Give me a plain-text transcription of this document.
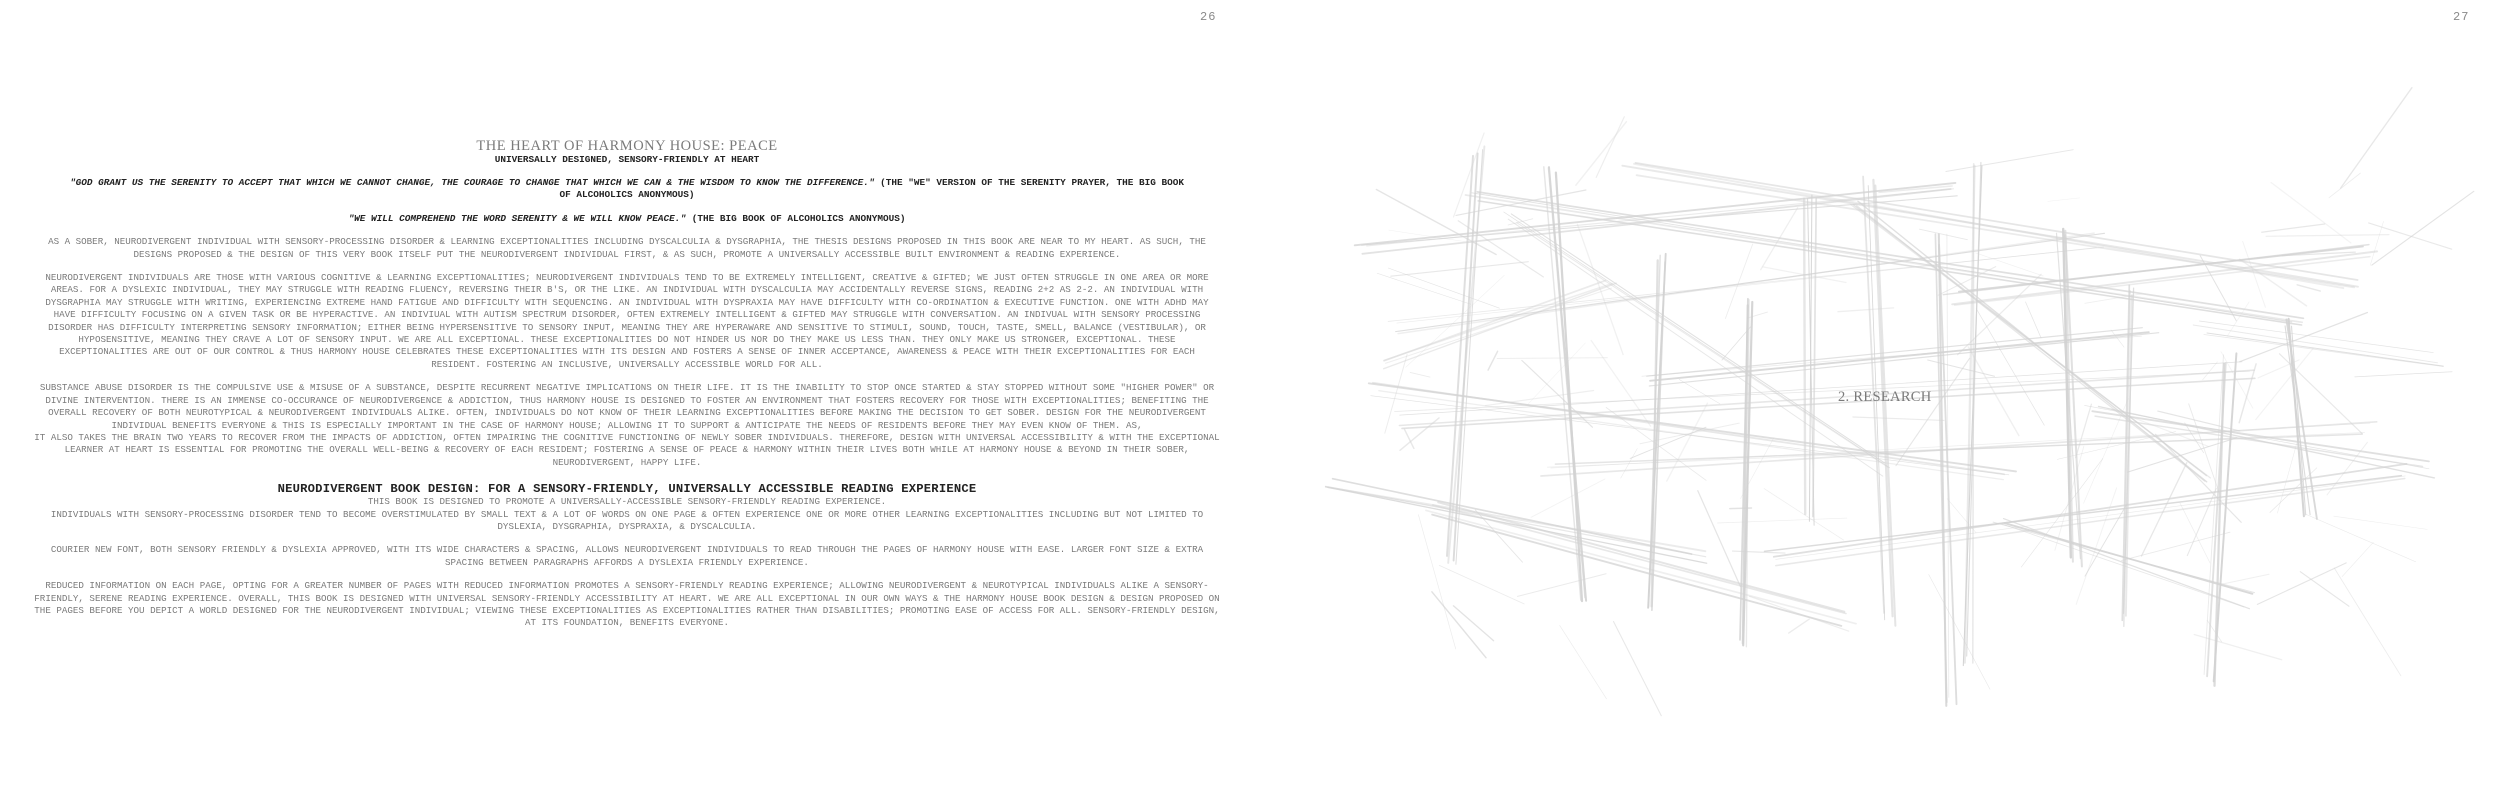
26	27

THE HEART OF HARMONY HOUSE: PEACE

UNIVERSALLY DESIGNED, SENSORY-FRIENDLY AT HEART

"GOD GRANT US THE SERENITY TO ACCEPT THAT WHICH WE CANNOT CHANGE, THE COURAGE TO CHANGE THAT WHICH WE CAN & THE WISDOM TO KNOW THE DIFFERENCE." (THE "WE" VERSION OF THE SERENITY PRAYER, THE BIG BOOK OF ALCOHOLICS ANONYMOUS)

"WE WILL COMPREHEND THE WORD SERENITY & WE WILL KNOW PEACE." (THE BIG BOOK OF ALCOHOLICS ANONYMOUS)

AS A SOBER, NEURODIVERGENT INDIVIDUAL WITH SENSORY-PROCESSING DISORDER & LEARNING EXCEPTIONALITIES INCLUDING DYSCALCULIA & DYSGRAPHIA, THE THESIS DESIGNS PROPOSED IN THIS BOOK ARE NEAR TO MY HEART. AS SUCH, THE DESIGNS PROPOSED & THE DESIGN OF THIS VERY BOOK ITSELF PUT THE NEURODIVERGENT INDIVIDUAL FIRST, & AS SUCH, PROMOTE A UNIVERSALLY ACCESSIBLE BUILT ENVIRONMENT & READING EXPERIENCE.

NEURODIVERGENT INDIVIDUALS ARE THOSE WITH VARIOUS COGNITIVE & LEARNING EXCEPTIONALITIES; NEURODIVERGENT INDIVIDUALS TEND TO BE EXTREMELY INTELLIGENT, CREATIVE & GIFTED; WE JUST OFTEN STRUGGLE IN ONE AREA OR MORE AREAS. FOR A DYSLEXIC INDIVIDUAL, THEY MAY STRUGGLE WITH READING FLUENCY, REVERSING THEIR B'S, OR THE LIKE. AN INDIVIDUAL WITH DYSCALCULIA MAY ACCIDENTALLY REVERSE SIGNS, READING 2+2 AS 2-2. AN INDIVIDUAL WITH DYSGRAPHIA MAY STRUGGLE WITH WRITING, EXPERIENCING EXTREME HAND FATIGUE AND DIFFICULTY WITH SEQUENCING. AN INDIVIDUAL WITH DYSPRAXIA MAY HAVE DIFFICULTY WITH CO-ORDINATION & EXECUTIVE FUNCTION. ONE WITH ADHD MAY HAVE DIFFICULTY FOCUSING ON A GIVEN TASK OR BE HYPERACTIVE. AN INDIVIUAL WITH AUTISM SPECTRUM DISORDER, OFTEN EXTREMELY INTELLIGENT & GIFTED MAY STRUGGLE WITH CONVERSATION. AN INDIVUAL WITH SENSORY PROCESSING DISORDER HAS DIFFICULTY INTERPRETING SENSORY INFORMATION; EITHER BEING HYPERSENSITIVE TO SENSORY INPUT, MEANING THEY ARE HYPERAWARE AND SENSITIVE TO STIMULI, SOUND, TOUCH, TASTE, SMELL, BALANCE (VESTIBULAR), OR HYPOSENSITIVE, MEANING THEY CRAVE A LOT OF SENSORY INPUT. WE ARE ALL EXCEPTIONAL. THESE EXCEPTIONALITIES DO NOT HINDER US NOR DO THEY MAKE US LESS THAN. THEY ONLY MAKE US STRONGER, EXCEPTIONAL. THESE EXCEPTIONALITIES ARE OUT OF OUR CONTROL & THUS HARMONY HOUSE CELEBRATES THESE EXCEPTIONALITIES WITH ITS DESIGN AND FOSTERS A SENSE OF INNER ACCEPTANCE, AWARENESS & PEACE WITH THEIR EXCEPTIONALITIES FOR EACH RESIDENT. FOSTERING AN INCLUSIVE, UNIVERSALLY ACCESSIBLE WORLD FOR ALL.

SUBSTANCE ABUSE DISORDER IS THE COMPULSIVE USE & MISUSE OF A SUBSTANCE, DESPITE RECURRENT NEGATIVE IMPLICATIONS ON THEIR LIFE. IT IS THE INABILITY TO STOP ONCE STARTED & STAY STOPPED WITHOUT SOME "HIGHER POWER" OR DIVINE INTERVENTION. THERE IS AN IMMENSE CO-OCCURANCE OF NEURODIVERGENCE & ADDICTION, THUS HARMONY HOUSE IS DESIGNED TO FOSTER AN ENVIRONMENT THAT FOSTERS RECOVERY FOR THOSE WITH EXCEPTIONALITIES; BENEFITING THE OVERALL RECOVERY OF BOTH NEUROTYPICAL & NEURODIVERGENT INDIVIDUALS ALIKE. OFTEN, INDIVIDUALS DO NOT KNOW OF THEIR LEARNING EXCEPTIONALITIES BEFORE MAKING THE DECISION TO GET SOBER. DESIGN FOR THE NEURODIVERGENT INDIVIDUAL BENEFITS EVERYONE & THIS IS ESPECIALLY IMPORTANT IN THE CASE OF HARMONY HOUSE; ALLOWING IT TO SUPPORT & ANTICIPATE THE NEEDS OF RESIDENTS BEFORE THEY MAY EVEN KNOW OF THEM. AS,

IT ALSO TAKES THE BRAIN TWO YEARS TO RECOVER FROM THE IMPACTS OF ADDICTION, OFTEN IMPAIRING THE COGNITIVE FUNCTIONING OF NEWLY SOBER INDIVIDUALS. THEREFORE, DESIGN WITH UNIVERSAL ACCESSIBILITY & WITH THE EXCEPTIONAL LEARNER AT HEART IS ESSENTIAL FOR PROMOTING THE OVERALL WELL-BEING & RECOVERY OF EACH RESIDENT; FOSTERING A SENSE OF PEACE & HARMONY WITHIN THEIR LIVES BOTH WHILE AT HARMONY HOUSE & BEYOND IN THEIR SOBER, NEURODIVERGENT, HAPPY LIFE.

NEURODIVERGENT BOOK DESIGN: FOR A SENSORY-FRIENDLY, UNIVERSALLY ACCESSIBLE READING EXPERIENCE

THIS BOOK IS DESIGNED TO PROMOTE A UNIVERSALLY-ACCESSIBLE SENSORY-FRIENDLY READING EXPERIENCE.

INDIVIDUALS WITH SENSORY-PROCESSING DISORDER TEND TO BECOME OVERSTIMULATED BY SMALL TEXT & A LOT OF WORDS ON ONE PAGE & OFTEN EXPERIENCE ONE OR MORE OTHER LEARNING EXCEPTIONALITIES INCLUDING BUT NOT LIMITED TO DYSLEXIA, DYSGRAPHIA, DYSPRAXIA, & DYSCALCULIA.

COURIER NEW FONT, BOTH SENSORY FRIENDLY & DYSLEXIA APPROVED, WITH ITS WIDE CHARACTERS & SPACING, ALLOWS NEURODIVERGENT INDIVIDUALS TO READ THROUGH THE PAGES OF HARMONY HOUSE WITH EASE. LARGER FONT SIZE & EXTRA SPACING BETWEEN PARAGRAPHS AFFORDS A DYSLEXIA FRIENDLY EXPERIENCE.

REDUCED INFORMATION ON EACH PAGE, OPTING FOR A GREATER NUMBER OF PAGES WITH REDUCED INFORMATION PROMOTES A SENSORY-FRIENDLY READING EXPERIENCE; ALLOWING NEURODIVERGENT & NEUROTYPICAL INDIVIDUALS ALIKE A SENSORY-FRIENDLY, SERENE READING EXPERIENCE. OVERALL, THIS BOOK IS DESIGNED WITH UNIVERSAL SENSORY-FRIENDLY ACCESSIBILITY AT HEART. WE ARE ALL EXCEPTIONAL IN OUR OWN WAYS & THE HARMONY HOUSE BOOK DESIGN & DESIGN PROPOSED ON THE PAGES BEFORE YOU DEPICT A WORLD DESIGNED FOR THE NEURODIVERGENT INDIVIDUAL; VIEWING THESE EXCEPTIONALITIES AS EXCEPTIONALITIES RATHER THAN DISABILITIES; PROMOTING EASE OF ACCESS FOR ALL. SENSORY-FRIENDLY DESIGN, AT ITS FOUNDATION, BENEFITS EVERYONE.

2. RESEARCH
